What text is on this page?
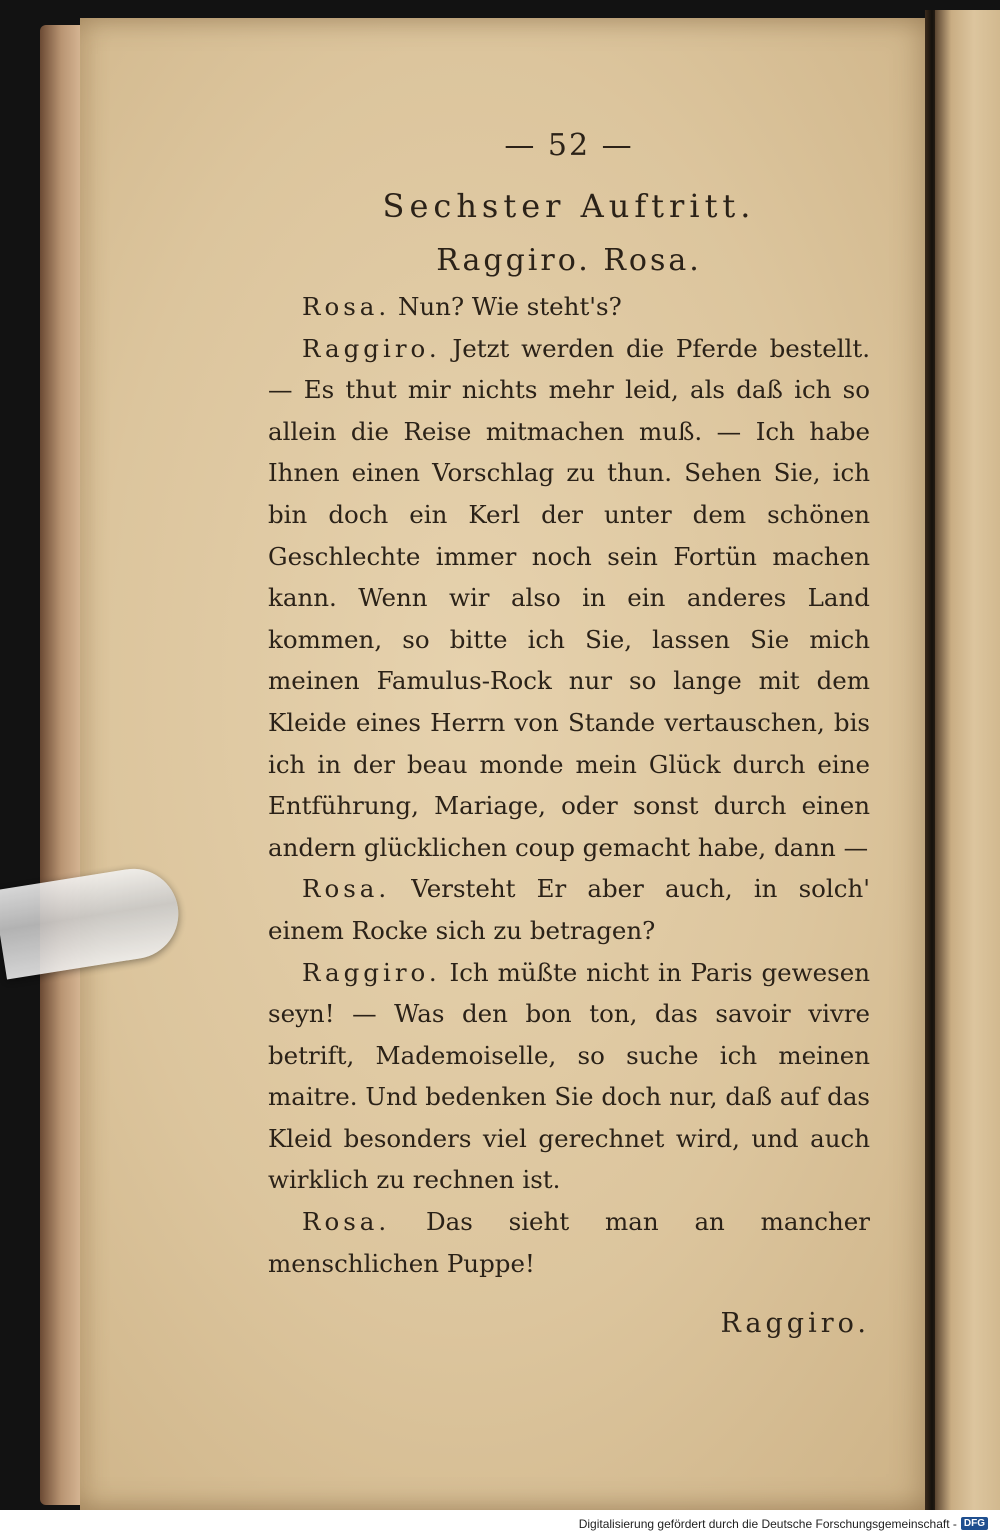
— 52 —
Sechster Auftritt.
Raggiro. Rosa.

Rosa. Nun? Wie steht's?

Raggiro. Jetzt werden die Pferde bestellt. — Es thut mir nichts mehr leid, als daß ich so allein die Reise mitmachen muß. — Ich habe Ihnen einen Vorschlag zu thun. Sehen Sie, ich bin doch ein Kerl der unter dem schönen Geschlechte immer noch sein Fortün machen kann. Wenn wir also in ein anderes Land kommen, so bitte ich Sie, lassen Sie mich meinen Famulus-Rock nur so lange mit dem Kleide eines Herrn von Stande vertauschen, bis ich in der beau monde mein Glück durch eine Entführung, Mariage, oder sonst durch einen andern glücklichen coup gemacht habe, dann —

Rosa. Versteht Er aber auch, in solch' einem Rocke sich zu betragen?

Raggiro. Ich müßte nicht in Paris gewesen seyn! — Was den bon ton, das savoir vivre betrift, Mademoiselle, so suche ich meinen maitre. Und bedenken Sie doch nur, daß auf das Kleid besonders viel gerechnet wird, und auch wirklich zu rechnen ist.

Rosa. Das sieht man an mancher menschlichen Puppe!

Raggiro.
Digitalisierung gefördert durch die Deutsche Forschungsgemeinschaft - DFG
